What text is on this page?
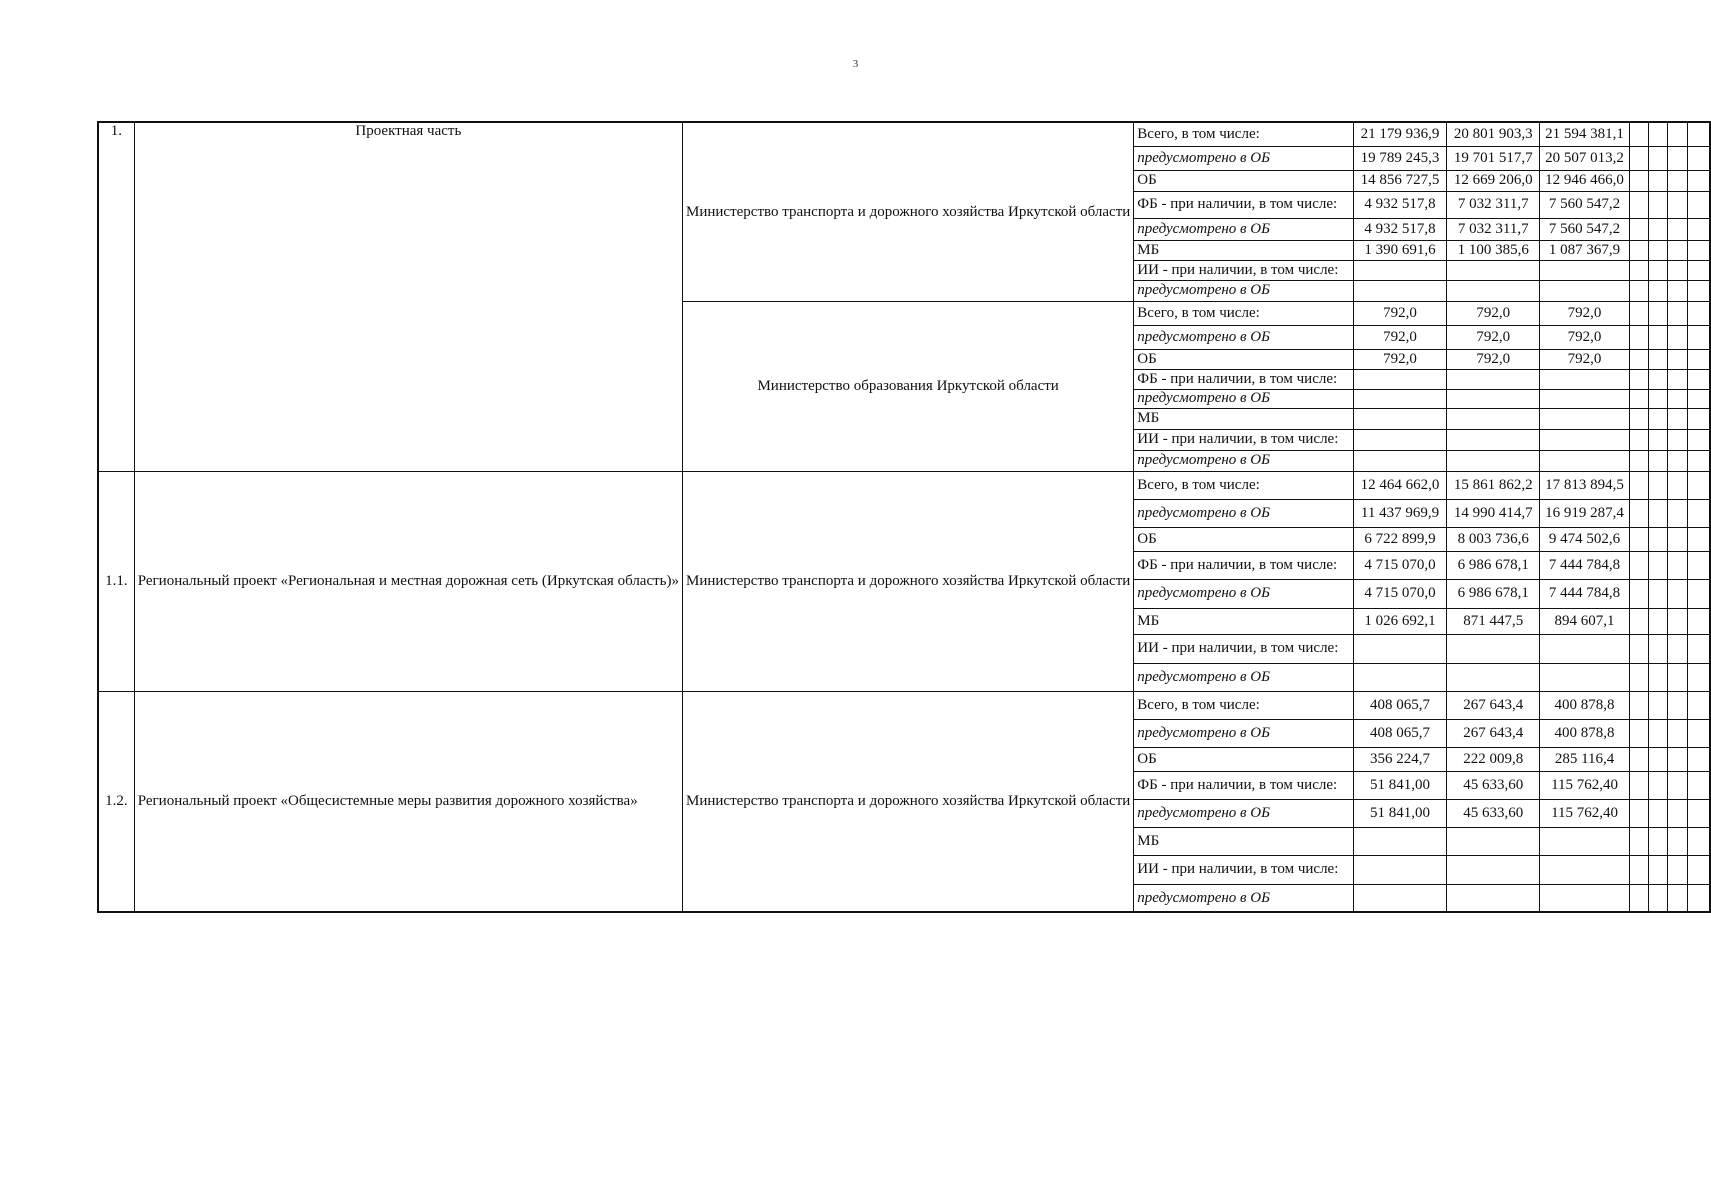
3
1.	Проектная часть	Министерство транспорта и дорожного хозяйства Иркутской области	Всего, в том числе:	21 179 936,9	20 801 903,3	21 594 381,1				
			предусмотрено в ОБ	19 789 245,3	19 701 517,7	20 507 013,2				
			ОБ	14 856 727,5	12 669 206,0	12 946 466,0				
			ФБ - при наличии, в том числе:	4 932 517,8	7 032 311,7	7 560 547,2				
			предусмотрено в ОБ	4 932 517,8	7 032 311,7	7 560 547,2				
			МБ	1 390 691,6	1 100 385,6	1 087 367,9				
			ИИ - при наличии, в том числе:							
			предусмотрено в ОБ							
		Министерство образования Иркутской области	Всего, в том числе:	792,0	792,0	792,0				
			предусмотрено в ОБ	792,0	792,0	792,0				
			ОБ	792,0	792,0	792,0				
			ФБ - при наличии, в том числе:							
			предусмотрено в ОБ							
			МБ							
			ИИ - при наличии, в том числе:							
			предусмотрено в ОБ							
1.1.	Региональный проект «Региональная и местная дорожная сеть (Иркутская область)»	Министерство транспорта и дорожного хозяйства Иркутской области	Всего, в том числе:	12 464 662,0	15 861 862,2	17 813 894,5				
			предусмотрено в ОБ	11 437 969,9	14 990 414,7	16 919 287,4				
			ОБ	6 722 899,9	8 003 736,6	9 474 502,6				
			ФБ - при наличии, в том числе:	4 715 070,0	6 986 678,1	7 444 784,8				
			предусмотрено в ОБ	4 715 070,0	6 986 678,1	7 444 784,8				
			МБ	1 026 692,1	871 447,5	894 607,1				
			ИИ - при наличии, в том числе:							
			предусмотрено в ОБ							
1.2.	Региональный проект «Общесистемные меры развития дорожного хозяйства»	Министерство транспорта и дорожного хозяйства Иркутской области	Всего, в том числе:	408 065,7	267 643,4	400 878,8				
			предусмотрено в ОБ	408 065,7	267 643,4	400 878,8				
			ОБ	356 224,7	222 009,8	285 116,4				
			ФБ - при наличии, в том числе:	51 841,00	45 633,60	115 762,40				
			предусмотрено в ОБ	51 841,00	45 633,60	115 762,40				
			МБ							
			ИИ - при наличии, в том числе:							
			предусмотрено в ОБ							
